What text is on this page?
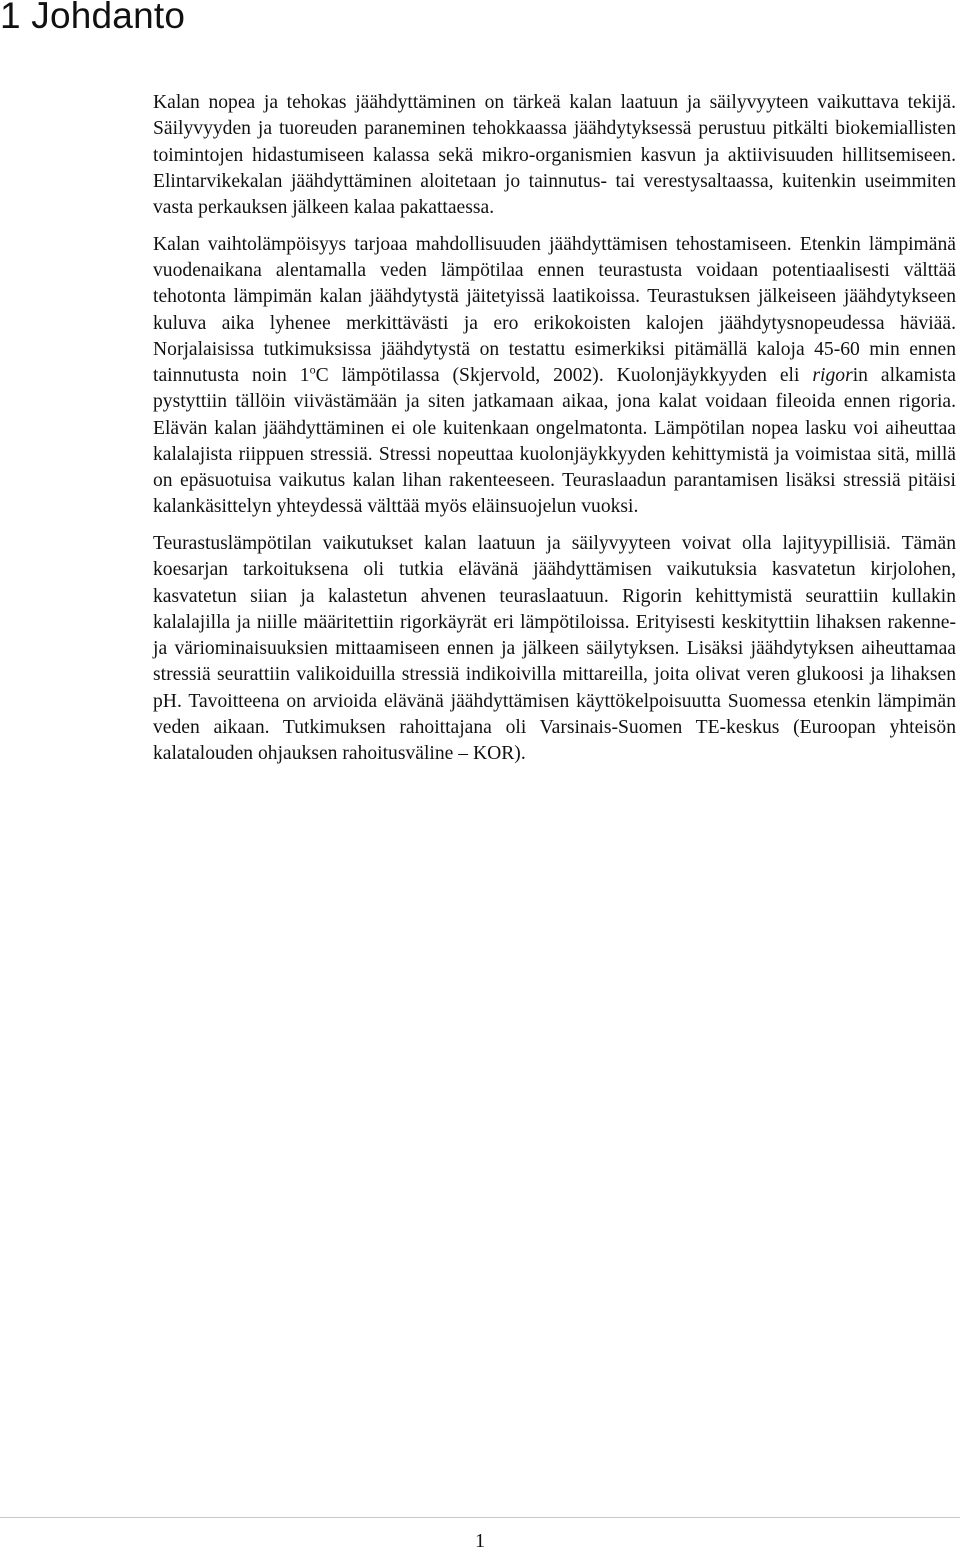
1 Johdanto

Kalan nopea ja tehokas jäähdyttäminen on tärkeä kalan laatuun ja säilyvyyteen vaikuttava tekijä. Säilyvyyden ja tuoreuden paraneminen tehokkaassa jäähdytyksessä perustuu pitkälti biokemiallisten toimintojen hidastumiseen kalassa sekä mikro-organismien kasvun ja aktiivisuuden hillitsemiseen. Elintarvikekalan jäähdyttäminen aloitetaan jo tainnutus- tai verestysaltaassa, kuitenkin useimmiten vasta perkauksen jälkeen kalaa pakattaessa.

Kalan vaihtolämpöisyys tarjoaa mahdollisuuden jäähdyttämisen tehostamiseen. Etenkin lämpimänä vuodenaikana alentamalla veden lämpötilaa ennen teurastusta voidaan potentiaalisesti välttää tehotonta lämpimän kalan jäähdytystä jäitetyissä laatikoissa. Teurastuksen jälkeiseen jäähdytykseen kuluva aika lyhenee merkittävästi ja ero erikokoisten kalojen jäähdytysnopeudessa häviää. Norjalaisissa tutkimuksissa jäähdytystä on testattu esimerkiksi pitämällä kaloja 45-60 min ennen tainnutusta noin 1$^o$C lämpötilassa (Skjervold, 2002). Kuolonjäykkyyden eli rigorin alkamista pystyttiin tällöin viivästämään ja siten jatkamaan aikaa, jona kalat voidaan fileoida ennen rigoria. Elävän kalan jäähdyttäminen ei ole kuitenkaan ongelmatonta. Lämpötilan nopea lasku voi aiheuttaa kalalajista riippuen stressiä. Stressi nopeuttaa kuolonjäykkyyden kehittymistä ja voimistaa sitä, millä on epäsuotuisa vaikutus kalan lihan rakenteeseen. Teuraslaadun parantamisen lisäksi stressiä pitäisi kalankäsittelyn yhteydessä välttää myös eläinsuojelun vuoksi.

Teurastuslämpötilan vaikutukset kalan laatuun ja säilyvyyteen voivat olla lajityypillisiä. Tämän koesarjan tarkoituksena oli tutkia elävänä jäähdyttämisen vaikutuksia kasvatetun kirjolohen, kasvatetun siian ja kalastetun ahvenen teuraslaatuun. Rigorin kehittymistä seurattiin kullakin kalalajilla ja niille määritettiin rigorkäyrät eri lämpötiloissa. Erityisesti keskityttiin lihaksen rakenne- ja väriominaisuuksien mittaamiseen ennen ja jälkeen säilytyksen. Lisäksi jäähdytyksen aiheuttamaa stressiä seurattiin valikoiduilla stressiä indikoivilla mittareilla, joita olivat veren glukoosi ja lihaksen pH. Tavoitteena on arvioida elävänä jäähdyttämisen käyttökelpoisuutta Suomessa etenkin lämpimän veden aikaan. Tutkimuksen rahoittajana oli Varsinais-Suomen TE-keskus (Euroopan yhteisön kalatalouden ohjauksen rahoitusväline – KOR).

1
